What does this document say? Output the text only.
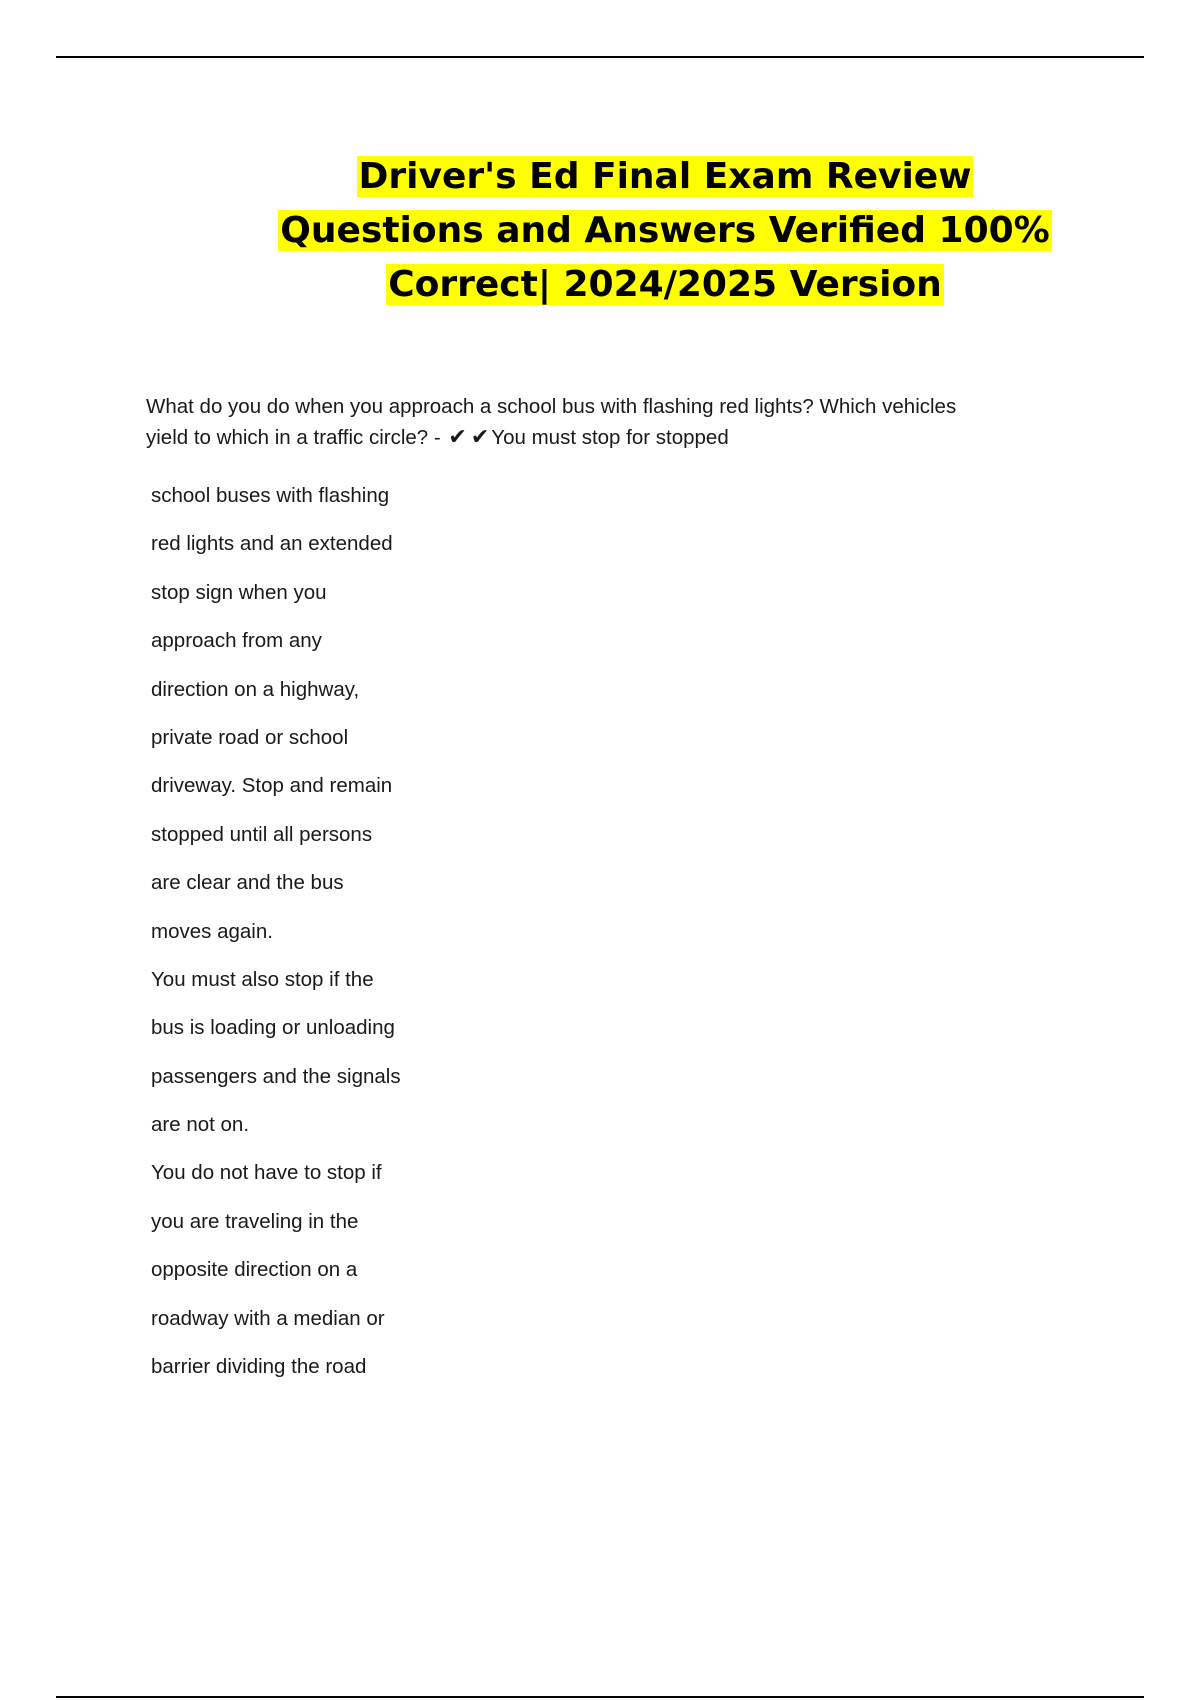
Driver's Ed Final Exam Review
Questions and Answers Verified 100%
Correct| 2024/2025 Version
What do you do when you approach a school bus with flashing red lights? Which vehicles
yield to which in a traffic circle? - ✔ ✔You must stop for stopped
school buses with flashing
red lights and an extended
stop sign when you
approach from any
direction on a highway,
private road or school
driveway. Stop and remain
stopped until all persons
are clear and the bus
moves again.
You must also stop if the
bus is loading or unloading
passengers and the signals
are not on.
You do not have to stop if
you are traveling in the
opposite direction on a
roadway with a median or
barrier dividing the road
